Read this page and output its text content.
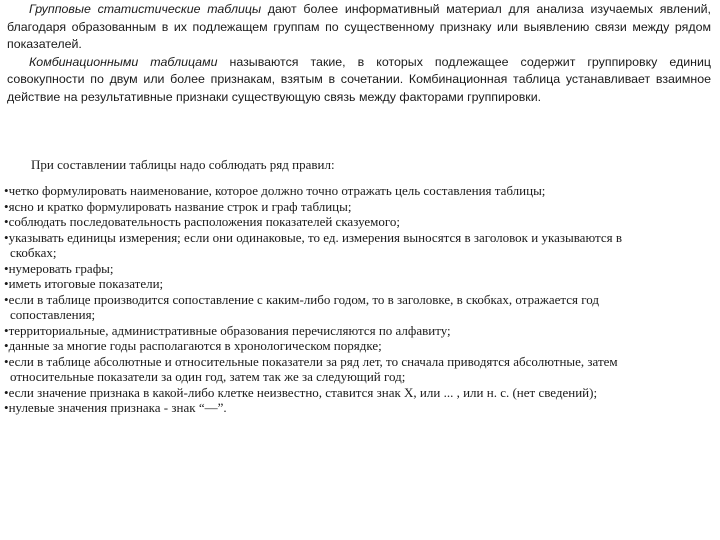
Групповые статистические таблицы дают более информативный материал для анализа изучаемых явлений, благодаря образованным в их подлежащем группам по существенному признаку или выявлению связи между рядом показателей.

Комбинационными таблицами называются такие, в которых подлежащее содержит группировку единиц совокупности по двум или более признакам, взятым в сочетании. Комбинационная таблица устанавливает взаимное действие на результативные признаки существующую связь между факторами группировки.

При составлении таблицы надо соблюдать ряд правил:
•четко формулировать наименование, которое должно точно отражать цель составления таблицы;
•ясно и кратко формулировать название строк и граф таблицы;
•соблюдать последовательность расположения показателей сказуемого;
•указывать единицы измерения; если они одинаковые, то ед. измерения выносятся в заголовок и указываются в
скобках;
•нумеровать графы;
•иметь итоговые показатели;
•если в таблице производится сопоставление с каким-либо годом, то в заголовке, в скобках, отражается год
сопоставления;
•территориальные, административные образования перечисляются по алфавиту;
•данные за многие годы располагаются в хронологическом порядке;
•если в таблице абсолютные и относительные показатели за ряд лет, то сначала приводятся абсолютные, затем
относительные показатели за один год, затем так же за следующий год;
•если значение признака в какой-либо клетке неизвестно, ставится знак X, или ... , или н. с. (нет сведений);
•нулевые значения признака - знак “—”.
